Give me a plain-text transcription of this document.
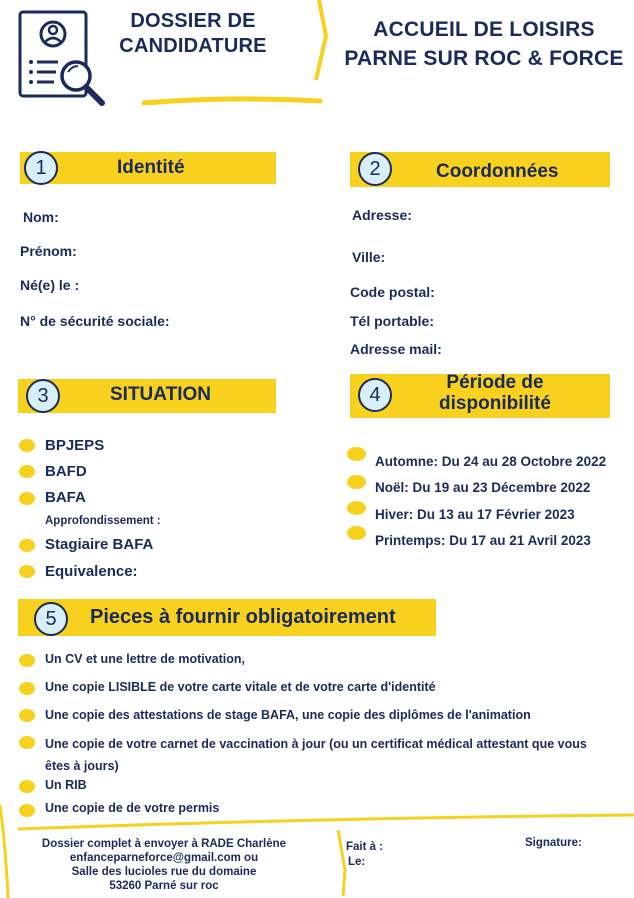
DOSSIER DE
CANDIDATURE
ACCUEIL DE LOISIRS
PARNE SUR ROC & FORCE
1	Identité
Nom:
Prénom:
Né(e) le :
N° de sécurité sociale:
2	Coordonnées
Adresse:
Ville:
Code postal:
Tél portable:
Adresse mail:
3	SITUATION
BPJEPS
BAFD
BAFA
Approfondissement :
Stagiaire BAFA
Equivalence:
4
Période de
disponibilité
Automne: Du 24 au 28 Octobre 2022
Noël: Du 19 au 23 Décembre 2022
Hiver: Du 13 au 17 Février 2023
Printemps: Du 17 au 21 Avril 2023
5	Pieces à fournir obligatoirement
Un CV et une lettre de motivation,
Une copie LISIBLE de votre carte vitale et de votre carte d'identité
Une copie des attestations de stage BAFA, une copie des diplômes de l'animation
Une copie de votre carnet de vaccination à jour (ou un certificat médical attestant que vous
êtes à jours)
Un RIB
Une copie de de votre permis
Dossier complet à envoyer à RADE Charlène
enfanceparneforce@gmail.com ou
Salle des lucioles rue du domaine
53260 Parné sur roc
Fait à :
Le:
Signature:
